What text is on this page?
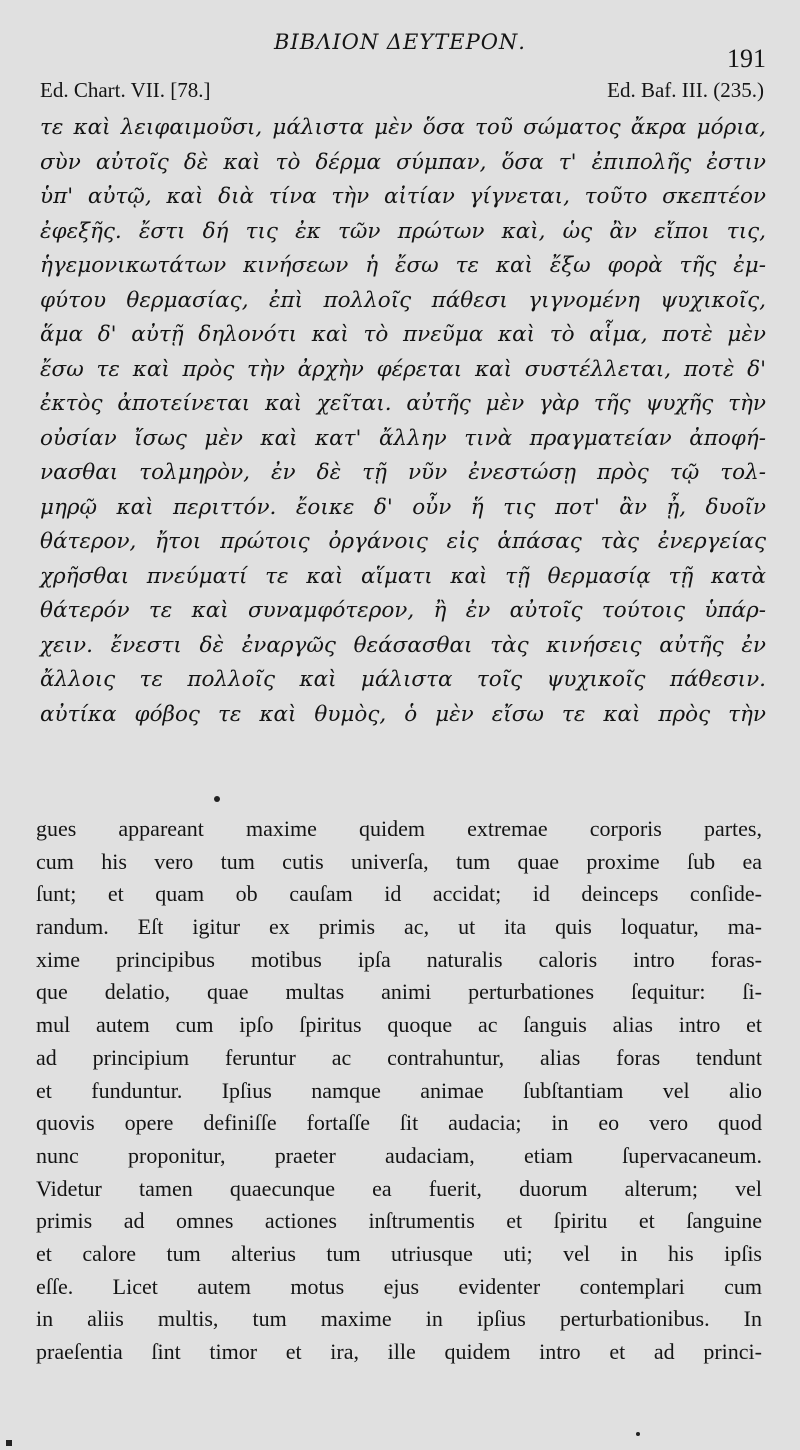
ΒΙΒΛΙΟΝ ΔΕΥΤΕΡΟΝ.
191
Ed. Chart. VII. [78.]	Ed. Baf. III. (235.)
τε καὶ λειφαιμοῦσι, μάλιστα μὲν ὅσα τοῦ σώματος ἄκρα μόρια,
σὺν αὐτοῖς δὲ καὶ τὸ δέρμα σύμπαν, ὅσα τ' ἐπιπολῆς ἐστιν
ὑπ' αὐτῷ, καὶ διὰ τίνα τὴν αἰτίαν γίγνεται, τοῦτο σκεπτέον
ἐφεξῆς. ἔστι δή τις ἐκ τῶν πρώτων καὶ, ὡς ἂν εἴποι τις,
ἡγεμονικωτάτων κινήσεων ἡ ἔσω τε καὶ ἔξω φορὰ τῆς ἐμ-
φύτου θερμασίας, ἐπὶ πολλοῖς πάθεσι γιγνομένη ψυχικοῖς,
ἅμα δ' αὐτῇ δηλονότι καὶ τὸ πνεῦμα καὶ τὸ αἷμα, ποτὲ μὲν
ἔσω τε καὶ πρὸς τὴν ἀρχὴν φέρεται καὶ συστέλλεται, ποτὲ δ'
ἐκτὸς ἀποτείνεται καὶ χεῖται. αὐτῆς μὲν γὰρ τῆς ψυχῆς τὴν
οὐσίαν ἴσως μὲν καὶ κατ' ἄλλην τινὰ πραγματείαν ἀποφή-
νασθαι τολμηρὸν, ἐν δὲ τῇ νῦν ἐνεστώσῃ πρὸς τῷ τολ-
μηρῷ καὶ περιττόν. ἔοικε δ' οὖν ἥ τις ποτ' ἂν ᾖ, δυοῖν
θάτερον, ἤτοι πρώτοις ὀργάνοις εἰς ἁπάσας τὰς ἐνεργείας
χρῆσθαι πνεύματί τε καὶ αἵματι καὶ τῇ θερμασίᾳ τῇ κατὰ
θάτερόν τε καὶ συναμφότερον, ἢ ἐν αὐτοῖς τούτοις ὑπάρ-
χειν. ἔνεστι δὲ ἐναργῶς θεάσασθαι τὰς κινήσεις αὐτῆς ἐν
ἄλλοις τε πολλοῖς καὶ μάλιστα τοῖς ψυχικοῖς πάθεσιν.
αὐτίκα φόβος τε καὶ θυμὸς, ὁ μὲν εἴσω τε καὶ πρὸς τὴν
gues appareant maxime quidem extremae corporis partes,
cum his vero tum cutis univerſa, tum quae proxime ſub ea
ſunt; et quam ob cauſam id accidat; id deinceps conſide-
randum. Eſt igitur ex primis ac, ut ita quis loquatur, ma-
xime principibus motibus ipſa naturalis caloris intro foras-
que delatio, quae multas animi perturbationes ſequitur: ſi-
mul autem cum ipſo ſpiritus quoque ac ſanguis alias intro et
ad principium feruntur ac contrahuntur, alias foras tendunt
et funduntur. Ipſius namque animae ſubſtantiam vel alio
quovis opere definiſſe fortaſſe ſit audacia; in eo vero quod
nunc proponitur, praeter audaciam, etiam ſupervacaneum.
Videtur tamen quaecunque ea fuerit, duorum alterum; vel
primis ad omnes actiones inſtrumentis et ſpiritu et ſanguine
et calore tum alterius tum utriusque uti; vel in his ipſis
eſſe. Licet autem motus ejus evidenter contemplari cum
in aliis multis, tum maxime in ipſius perturbationibus. In
praeſentia ſint timor et ira, ille quidem intro et ad princi-
